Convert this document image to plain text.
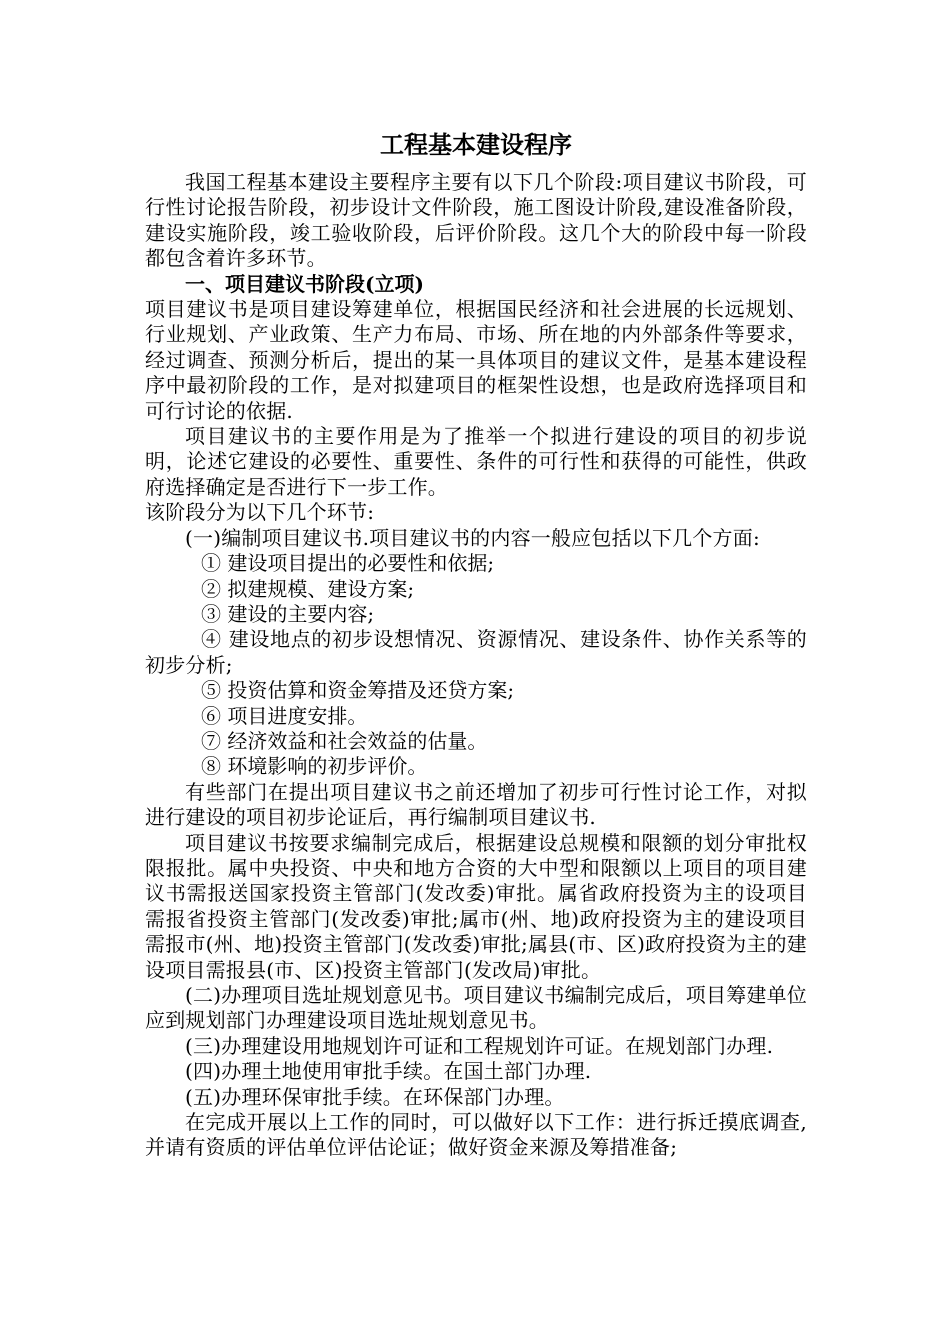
工程基本建设程序

我国工程基本建设主要程序主要有以下几个阶段:项目建议书阶段，可行性讨论报告阶段，初步设计文件阶段，施工图设计阶段,建设准备阶段，建设实施阶段，竣工验收阶段，后评价阶段。这几个大的阶段中每一阶段都包含着许多环节。

一、项目建议书阶段(立项)

项目建议书是项目建设筹建单位，根据国民经济和社会进展的长远规划、行业规划、产业政策、生产力布局、市场、所在地的内外部条件等要求，经过调查、预测分析后，提出的某一具体项目的建议文件，是基本建设程序中最初阶段的工作，是对拟建项目的框架性设想，也是政府选择项目和可行讨论的依据.

项目建议书的主要作用是为了推举一个拟进行建设的项目的初步说明，论述它建设的必要性、重要性、条件的可行性和获得的可能性，供政府选择确定是否进行下一步工作。

该阶段分为以下几个环节:

(一)编制项目建议书.项目建议书的内容一般应包括以下几个方面:

① 建设项目提出的必要性和依据;

② 拟建规模、建设方案;

③ 建设的主要内容;

④ 建设地点的初步设想情况、资源情况、建设条件、协作关系等的初步分析;

⑤ 投资估算和资金筹措及还贷方案;

⑥ 项目进度安排。

⑦ 经济效益和社会效益的估量。

⑧ 环境影响的初步评价。

有些部门在提出项目建议书之前还增加了初步可行性讨论工作，对拟进行建设的项目初步论证后，再行编制项目建议书.

项目建议书按要求编制完成后，根据建设总规模和限额的划分审批权限报批。属中央投资、中央和地方合资的大中型和限额以上项目的项目建议书需报送国家投资主管部门(发改委)审批。属省政府投资为主的设项目需报省投资主管部门(发改委)审批;属市(州、地)政府投资为主的建设项目需报市(州、地)投资主管部门(发改委)审批;属县(市、区)政府投资为主的建设项目需报县(市、区)投资主管部门(发改局)审批。

(二)办理项目选址规划意见书。项目建议书编制完成后，项目筹建单位应到规划部门办理建设项目选址规划意见书。

(三)办理建设用地规划许可证和工程规划许可证。在规划部门办理.

(四)办理土地使用审批手续。在国土部门办理.

(五)办理环保审批手续。在环保部门办理。

在完成开展以上工作的同时，可以做好以下工作：进行拆迁摸底调查,并请有资质的评估单位评估论证；做好资金来源及筹措准备;
